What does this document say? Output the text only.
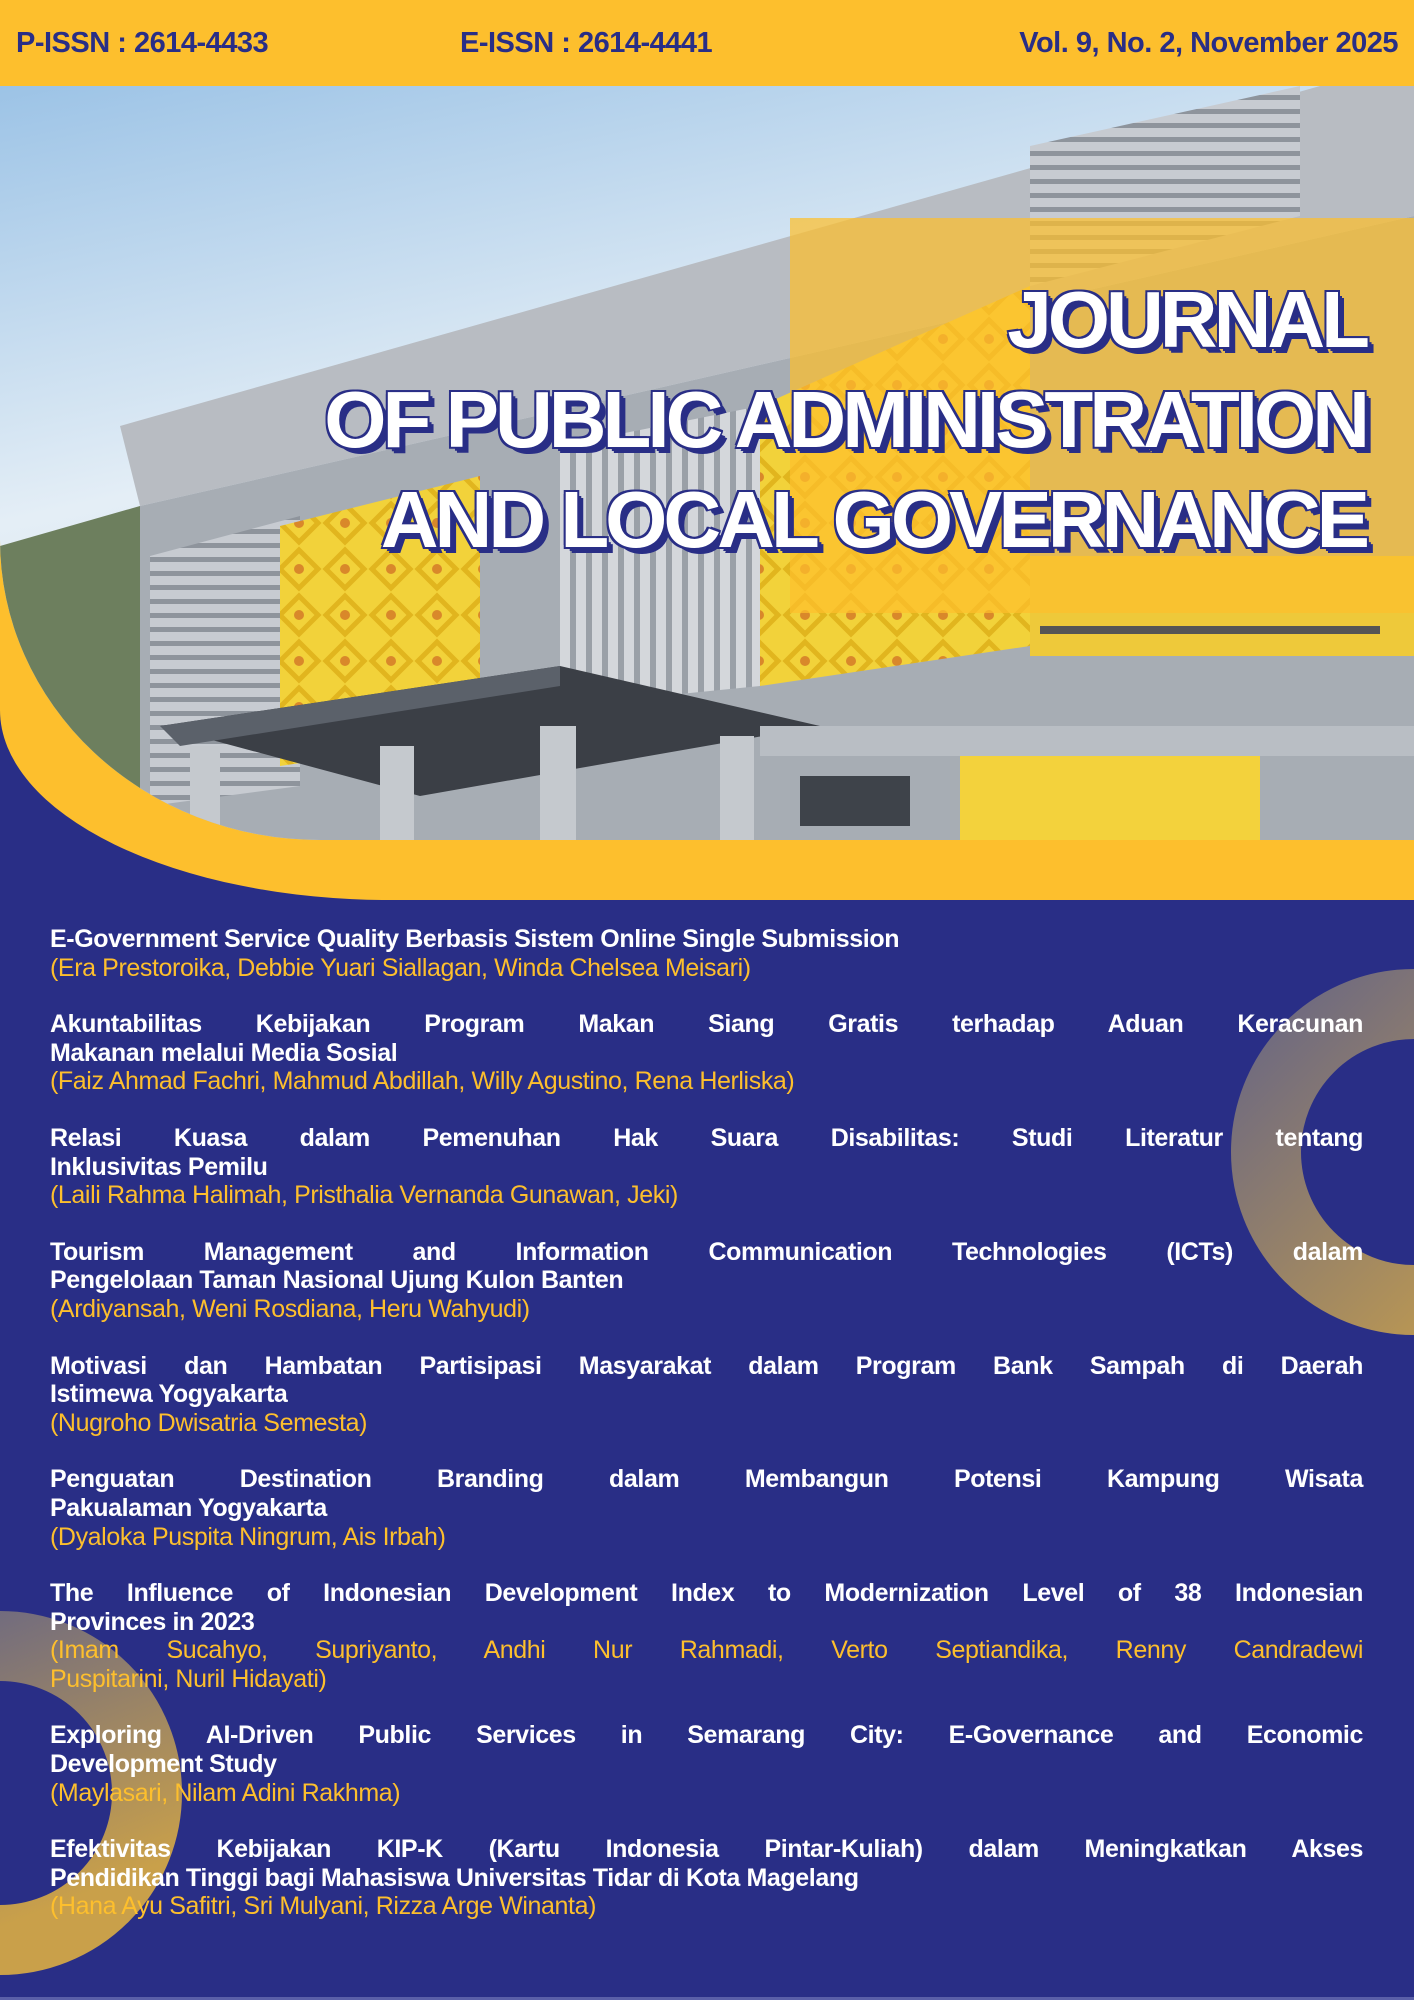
P-ISSN : 2614-4433	E-ISSN : 2614-4441	Vol. 9, No. 2, November 2025
JOURNAL
OF PUBLIC ADMINISTRATION
AND LOCAL GOVERNANCE
E-Government Service Quality Berbasis Sistem Online Single Submission
(Era Prestoroika, Debbie Yuari Siallagan, Winda Chelsea Meisari)
Akuntabilitas Kebijakan Program Makan Siang Gratis terhadap Aduan Keracunan
Makanan melalui Media Sosial
(Faiz Ahmad Fachri, Mahmud Abdillah, Willy Agustino, Rena Herliska)
Relasi Kuasa dalam Pemenuhan Hak Suara Disabilitas: Studi Literatur tentang
Inklusivitas Pemilu
(Laili Rahma Halimah, Pristhalia Vernanda Gunawan, Jeki)
Tourism Management and Information Communication Technologies (ICTs) dalam
Pengelolaan Taman Nasional Ujung Kulon Banten
(Ardiyansah, Weni Rosdiana, Heru Wahyudi)
Motivasi dan Hambatan Partisipasi Masyarakat dalam Program Bank Sampah di Daerah
Istimewa Yogyakarta
(Nugroho Dwisatria Semesta)
Penguatan Destination Branding dalam Membangun Potensi Kampung Wisata
Pakualaman Yogyakarta
(Dyaloka Puspita Ningrum, Ais Irbah)
The Influence of Indonesian Development Index to Modernization Level of 38 Indonesian
Provinces in 2023
(Imam Sucahyo, Supriyanto, Andhi Nur Rahmadi, Verto Septiandika, Renny Candradewi
Puspitarini, Nuril Hidayati)
Exploring AI-Driven Public Services in Semarang City: E-Governance and Economic
Development Study
(Maylasari, Nilam Adini Rakhma)
Efektivitas Kebijakan KIP-K (Kartu Indonesia Pintar-Kuliah) dalam Meningkatkan Akses
Pendidikan Tinggi bagi Mahasiswa Universitas Tidar di Kota Magelang
(Hana Ayu Safitri, Sri Mulyani, Rizza Arge Winanta)
